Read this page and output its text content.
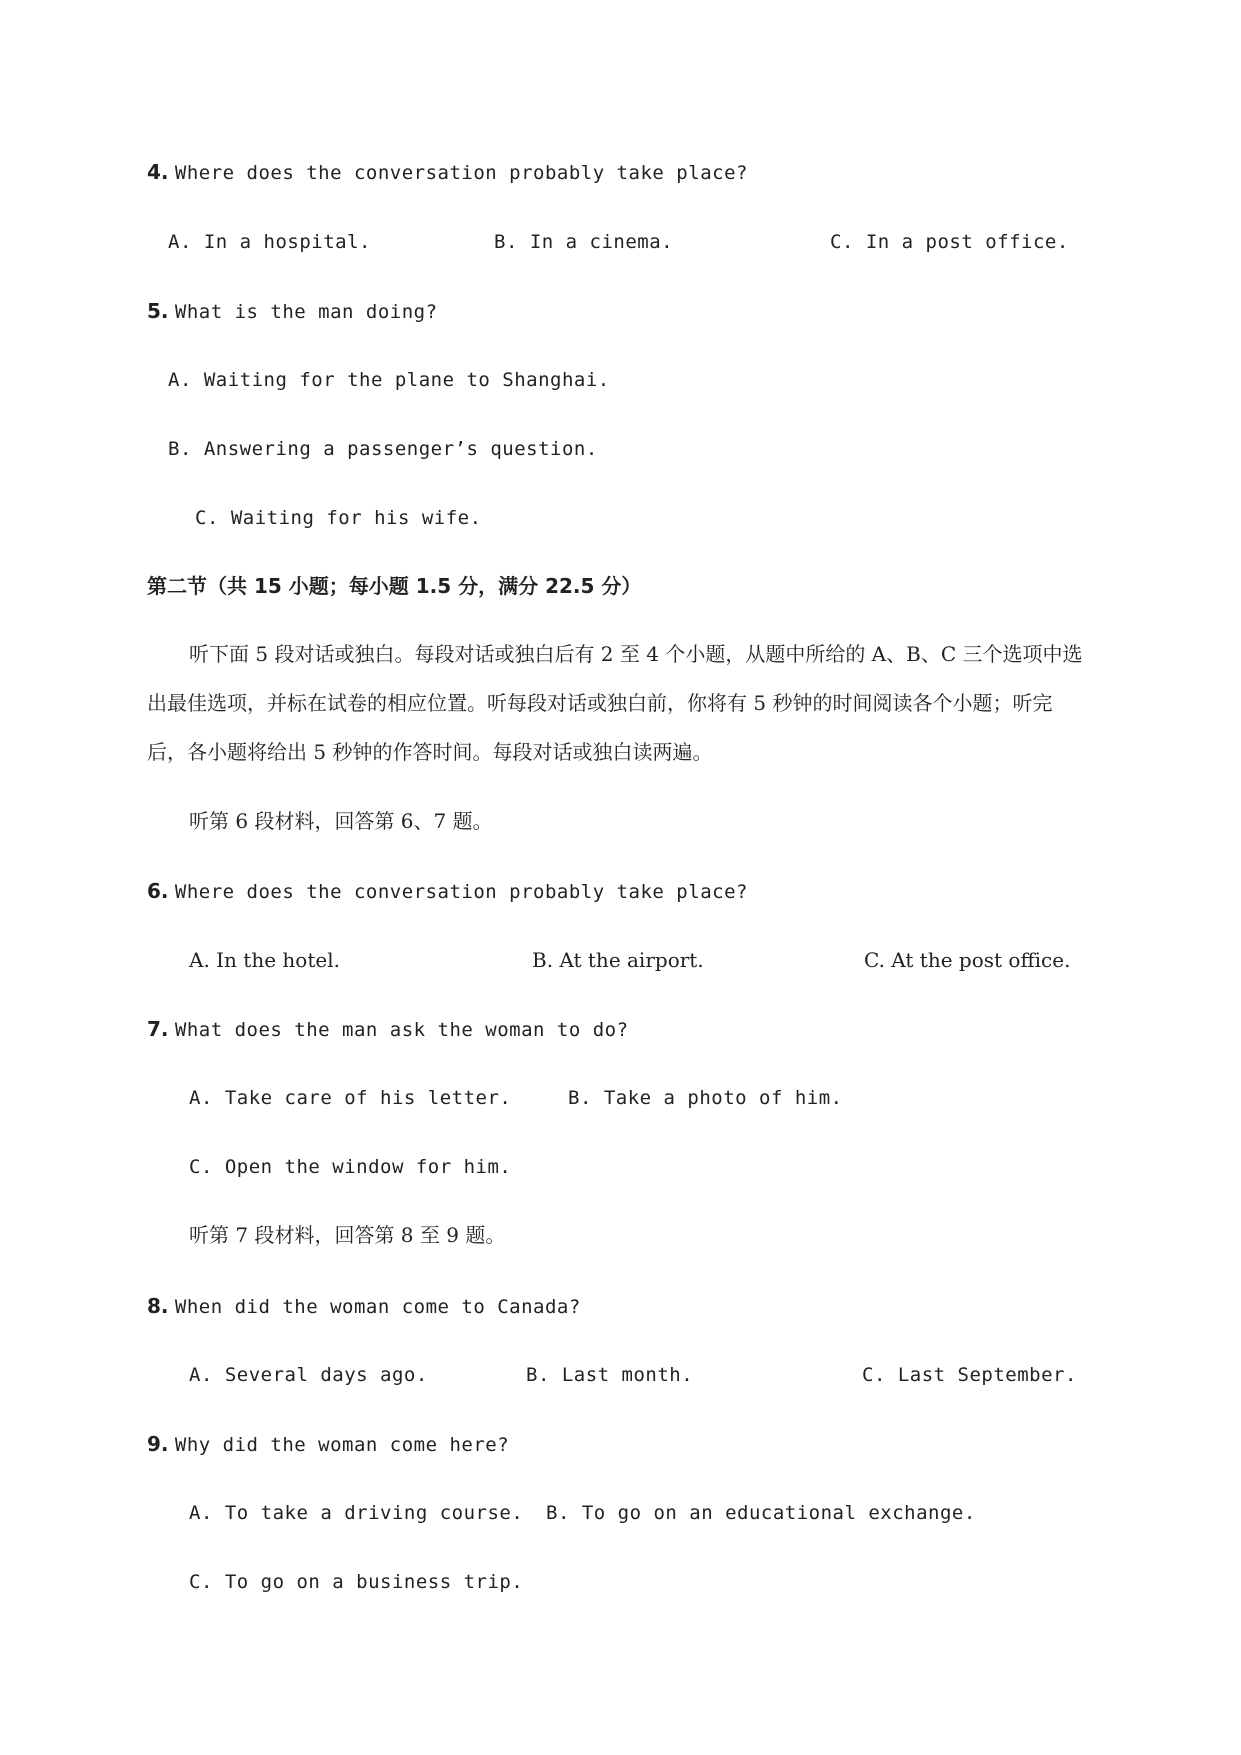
4. Where does the conversation probably take place?
A. In a hospital.	B. In a cinema.	C. In a post office.
5. What is the man doing?
A. Waiting for the plane to Shanghai.
B. Answering a passenger’s question.
C. Waiting for his wife.
第二节（共 15 小题；每小题 1.5 分，满分 22.5 分）
听下面 5 段对话或独白。每段对话或独白后有 2 至 4 个小题，从题中所给的 A、B、C 三个选项中选出最佳选项，并标在试卷的相应位置。听每段对话或独白前，你将有 5 秒钟的时间阅读各个小题；听完后，各小题将给出 5 秒钟的作答时间。每段对话或独白读两遍。
听第 6 段材料，回答第 6、7 题。
6. Where does the conversation probably take place?
A. In the hotel.	B. At the airport.	C. At the post office.
7. What does the man ask the woman to do?
A. Take care of his letter.	B. Take a photo of him.
C. Open the window for him.
听第 7 段材料，回答第 8 至 9 题。
8. When did the woman come to Canada?
A. Several days ago.	B. Last month.	C. Last September.
9. Why did the woman come here?
A. To take a driving course. B. To go on an educational exchange.
C. To go on a business trip.
